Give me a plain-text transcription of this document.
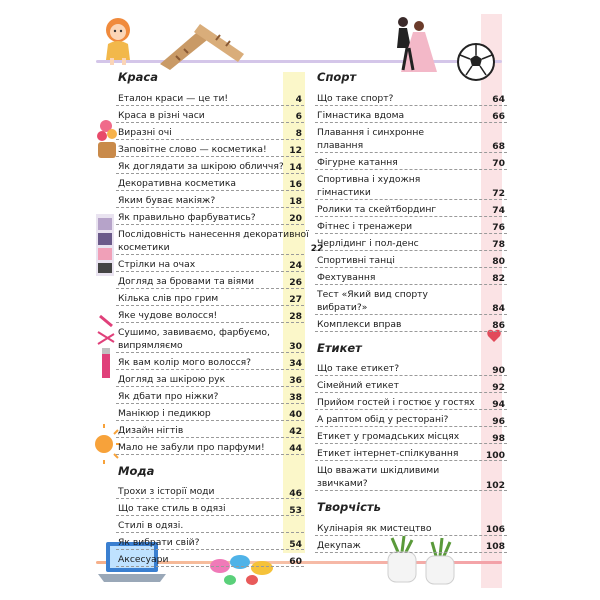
Краса
Еталон краси — це ти!	4
Краса в різні часи	6
Виразні очі	8
Заповітне слово — косметика! 12
Як доглядати за шкірою обличчя? 14
Декоративна косметика	16
Яким буває макіяж?	18
Як правильно фарбуватись?	20
Послідовність нанесення декоративної
косметики	22
Стрілки на очах	24
Догляд за бровами та віями	26
Кілька слів про грим	27
Яке чудове волосся!	28
Сушимо, завиваємо, фарбуємо,
випрямляємо	30
Як вам колір мого волосся?	34
Догляд за шкірою рук	36
Як дбати про ніжки?	38
Манікюр і педикюр	40
Дизайн нігтів	42
Мало не забули про парфуми!	44
Мода
Трохи з історії моди	46
Що таке стиль в одязі	53
Стилі в одязі.
Як вибрати свій?	54
Аксесуари	60
Спорт
Що таке спорт?	64
Гімнастика вдома	66
Плавання і синхронне
плавання	68
Фігурне катання	70
Спортивна і художня
гімнастики	72
Ролики та скейтбординг	74
Фітнес і тренажери	76
Черлідинг і пол-денс	78
Спортивні танці	80
Фехтування	82
Тест «Який вид спорту
вибрати?»	84
Комплекси вправ	86
Етикет
Що таке етикет?	90
Сімейний етикет	92
Прийом гостей і гостює у гостях 94
А раптом обід у ресторані?	96
Етикет у громадських місцях	98
Етикет інтернет-спілкування	100
Що вважати шкідливими
звичками?	102
Творчість
Кулінарія як мистецтво	106
Декупаж	108
